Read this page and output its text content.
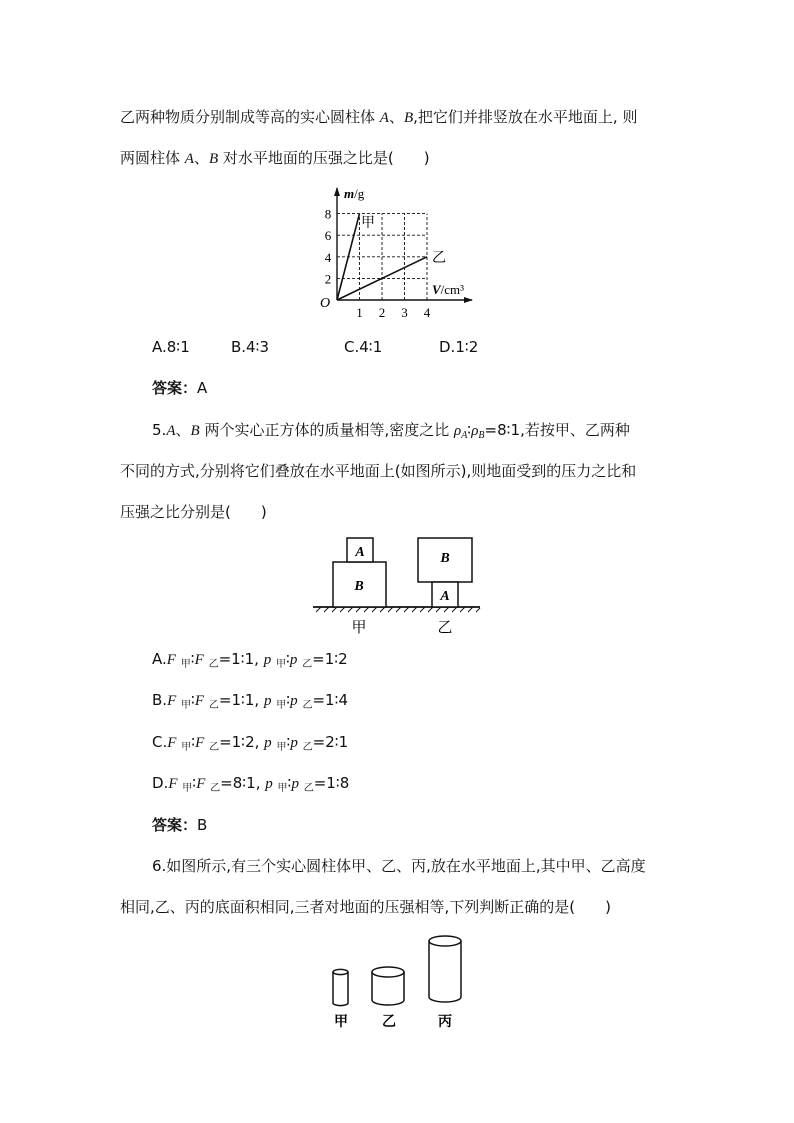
乙两种物质分别制成等高的实心圆柱体 A、B,把它们并排竖放在水平地面上, 则
两圆柱体 A、B 对水平地面的压强之比是(　　)
1 2 3 4
2
4
6
8
O
m/g
V/cm³
甲
乙
A.8∶1	B.4∶3	C.4∶1	D.1∶2
答案：A
5.A、B 两个实心正方体的质量相等,密度之比 $\rho_A∶\rho_B=8∶1$,若按甲、乙两种
不同的方式,分别将它们叠放在水平地面上(如图所示),则地面受到的压力之比和
压强之比分别是(　　)
A
B
B
A
甲	乙
A.F $_甲$∶F $_乙$=1∶1, p $_甲$∶p $_乙$=1∶2
B.F $_甲$∶F $_乙$=1∶1, p $_甲$∶p $_乙$=1∶4
C.F $_甲$∶F $_乙$=1∶2, p $_甲$∶p $_乙$=2∶1
D.F $_甲$∶F $_乙$=8∶1, p $_甲$∶p $_乙$=1∶8
答案：B
6.如图所示,有三个实心圆柱体甲、乙、丙,放在水平地面上,其中甲、乙高度
相同,乙、丙的底面积相同,三者对地面的压强相等,下列判断正确的是(　　)
甲 乙	丙
